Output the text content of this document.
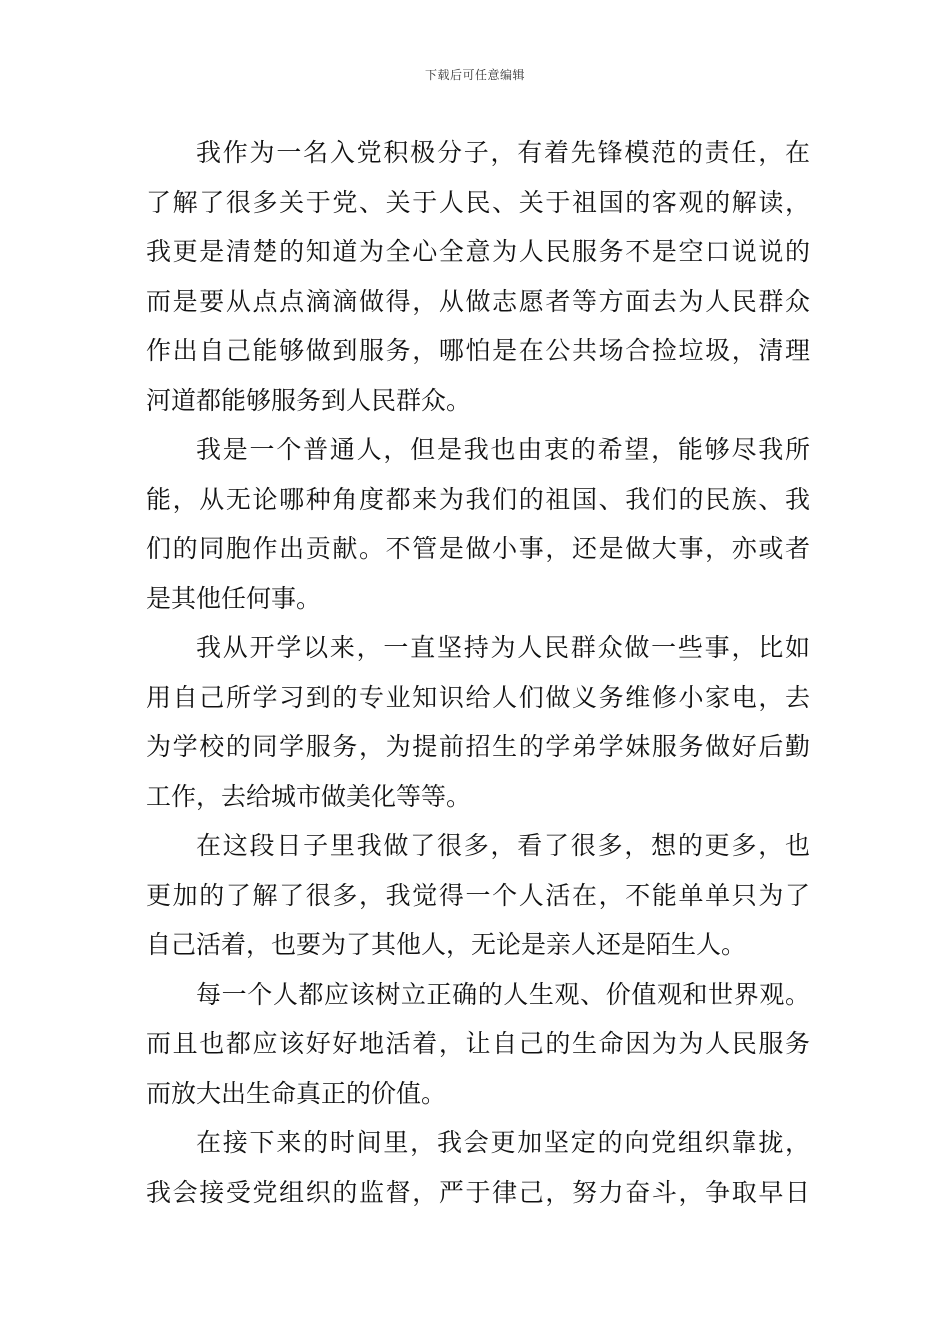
下载后可任意编辑
我作为一名入党积极分子，有着先锋模范的责任，在
了解了很多关于党、关于人民、关于祖国的客观的解读，
我更是清楚的知道为全心全意为人民服务不是空口说说的
而是要从点点滴滴做得，从做志愿者等方面去为人民群众
作出自己能够做到服务，哪怕是在公共场合捡垃圾，清理
河道都能够服务到人民群众。
我是一个普通人，但是我也由衷的希望，能够尽我所
能，从无论哪种角度都来为我们的祖国、我们的民族、我
们的同胞作出贡献。不管是做小事，还是做大事，亦或者
是其他任何事。
我从开学以来，一直坚持为人民群众做一些事，比如
用自己所学习到的专业知识给人们做义务维修小家电，去
为学校的同学服务，为提前招生的学弟学妹服务做好后勤
工作，去给城市做美化等等。
在这段日子里我做了很多，看了很多，想的更多，也
更加的了解了很多，我觉得一个人活在，不能单单只为了
自己活着，也要为了其他人，无论是亲人还是陌生人。
每一个人都应该树立正确的人生观、价值观和世界观。
而且也都应该好好地活着，让自己的生命因为为人民服务
而放大出生命真正的价值。
在接下来的时间里，我会更加坚定的向党组织靠拢，
我会接受党组织的监督，严于律己，努力奋斗，争取早日
